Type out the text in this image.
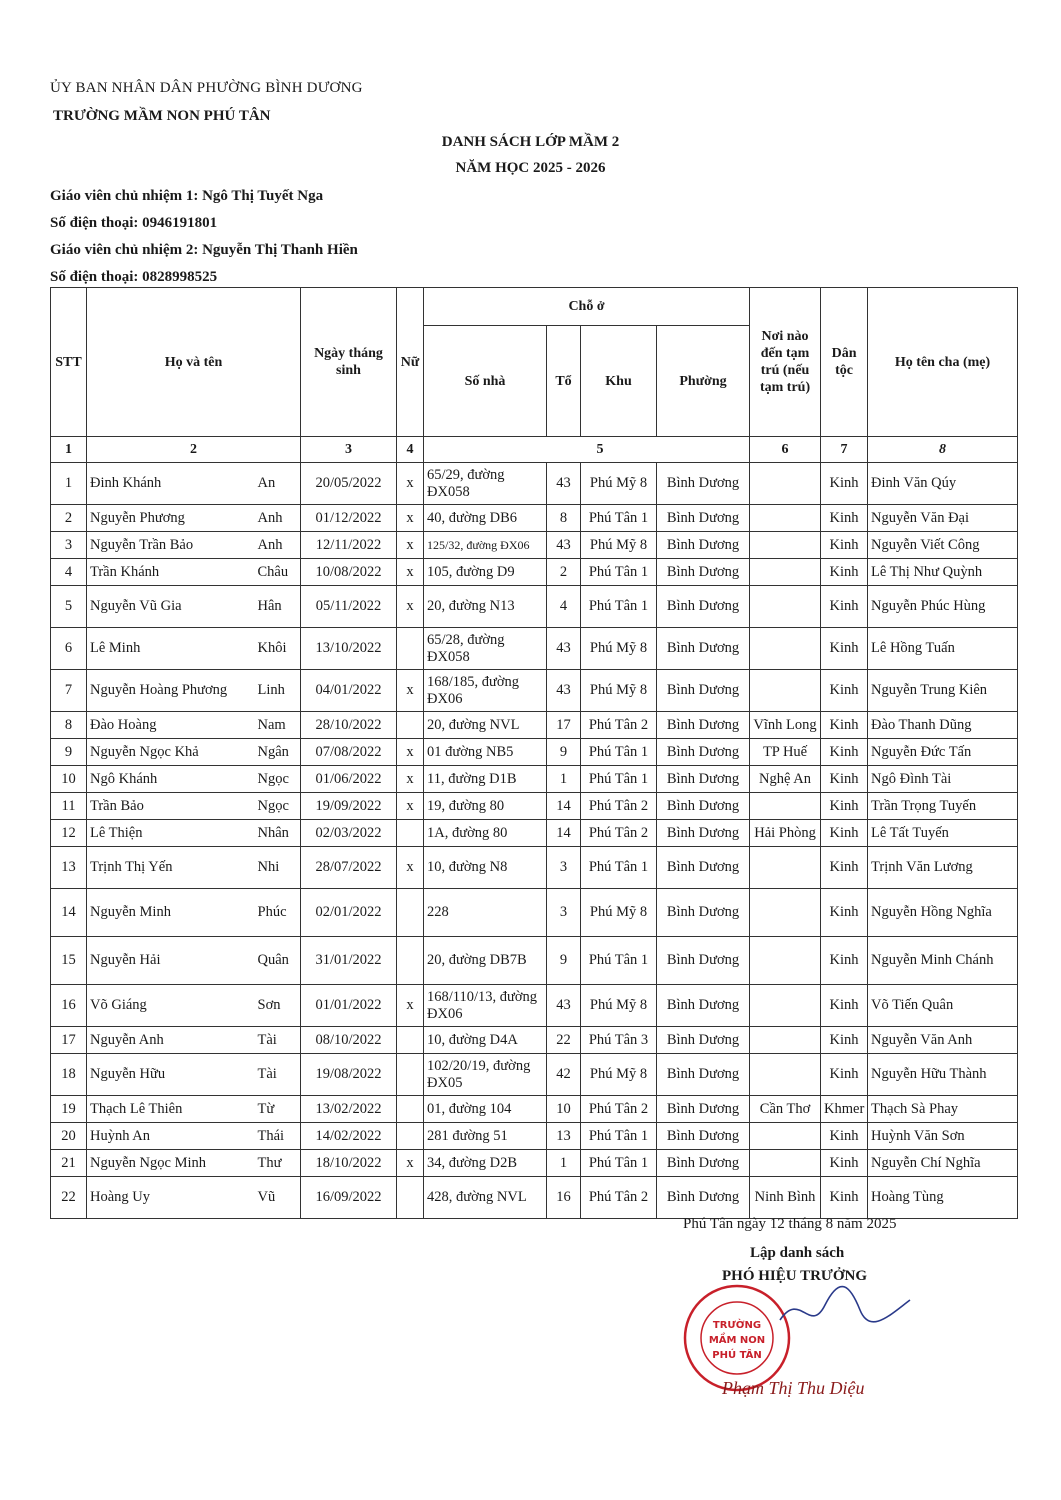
ỦY BAN NHÂN DÂN PHƯỜNG BÌNH DƯƠNG
TRƯỜNG MẦM NON PHÚ TÂN
DANH SÁCH LỚP MẦM 2
NĂM HỌC 2025 - 2026
Giáo viên chủ nhiệm 1: Ngô Thị Tuyết Nga
Số điện thoại: 0946191801
Giáo viên chủ nhiệm 2: Nguyễn Thị Thanh Hiền
Số điện thoại: 0828998525
STT	Họ và tên		Ngày tháng sinh	Nữ	Chỗ ở				Nơi nào đến tạm trú (nếu tạm trú)	Dân tộc	Họ tên cha (mẹ)
					Số nhà	Tổ	Khu	Phường			
1	2		3	4	5				6	7	8
1	Đinh Khánh	An	20/05/2022	x	65/29, đường ĐX058	43	Phú Mỹ 8	Bình Dương		Kinh	Đinh Văn Qúy
2	Nguyễn Phương	Anh	01/12/2022	x	40, đường DB6	8	Phú Tân 1	Bình Dương		Kinh	Nguyễn Văn Đại
3	Nguyễn Trần Bảo	Anh	12/11/2022	x	125/32, đường ĐX06	43	Phú Mỹ 8	Bình Dương		Kinh	Nguyễn Viết Công
4	Trần Khánh	Châu	10/08/2022	x	105, đường D9	2	Phú Tân 1	Bình Dương		Kinh	Lê Thị Như Quỳnh
5	Nguyễn Vũ Gia	Hân	05/11/2022	x	20, đường N13	4	Phú Tân 1	Bình Dương		Kinh	Nguyễn Phúc Hùng
6	Lê Minh	Khôi	13/10/2022		65/28, đường ĐX058	43	Phú Mỹ 8	Bình Dương		Kinh	Lê Hồng Tuấn
7	Nguyễn Hoàng Phương	Linh	04/01/2022	x	168/185, đường ĐX06	43	Phú Mỹ 8	Bình Dương		Kinh	Nguyễn Trung Kiên
8	Đào Hoàng	Nam	28/10/2022		20, đường NVL	17	Phú Tân 2	Bình Dương	Vĩnh Long	Kinh	Đào Thanh Dũng
9	Nguyễn Ngọc Khả	Ngân	07/08/2022	x	01 đường NB5	9	Phú Tân 1	Bình Dương	TP Huế	Kinh	Nguyễn Đức Tấn
10	Ngô Khánh	Ngọc	01/06/2022	x	11, đường D1B	1	Phú Tân 1	Bình Dương	Nghệ An	Kinh	Ngô Đình Tài
11	Trần Bảo	Ngọc	19/09/2022	x	19, đường 80	14	Phú Tân 2	Bình Dương		Kinh	Trần Trọng Tuyến
12	Lê Thiện	Nhân	02/03/2022		1A, đường 80	14	Phú Tân 2	Bình Dương	Hải Phòng	Kinh	Lê Tất Tuyến
13	Trịnh Thị Yến	Nhi	28/07/2022	x	10, đường N8	3	Phú Tân 1	Bình Dương		Kinh	Trịnh Văn Lương
14	Nguyễn Minh	Phúc	02/01/2022		228	3	Phú Mỹ 8	Bình Dương		Kinh	Nguyễn Hồng Nghĩa
15	Nguyễn Hải	Quân	31/01/2022		20, đường DB7B	9	Phú Tân 1	Bình Dương		Kinh	Nguyễn Minh Chánh
16	Võ Giáng	Sơn	01/01/2022	x	168/110/13, đường ĐX06	43	Phú Mỹ 8	Bình Dương		Kinh	Võ Tiến Quân
17	Nguyễn Anh	Tài	08/10/2022		10, đường D4A	22	Phú Tân 3	Bình Dương		Kinh	Nguyễn Văn Anh
18	Nguyễn Hữu	Tài	19/08/2022		102/20/19, đường ĐX05	42	Phú Mỹ 8	Bình Dương		Kinh	Nguyễn Hữu Thành
19	Thạch Lê Thiên	Từ	13/02/2022		01, đường 104	10	Phú Tân 2	Bình Dương	Cần Thơ	Khmer	Thạch Sà Phay
20	Huỳnh An	Thái	14/02/2022		281 đường 51	13	Phú Tân 1	Bình Dương		Kinh	Huỳnh Văn Sơn
21	Nguyễn Ngọc Minh	Thư	18/10/2022	x	34, đường D2B	1	Phú Tân 1	Bình Dương		Kinh	Nguyễn Chí Nghĩa
22	Hoàng Uy	Vũ	16/09/2022		428, đường NVL	16	Phú Tân 2	Bình Dương	Ninh Bình	Kinh	Hoàng Tùng
Phú Tân ngày 12 tháng 8 năm 2025
Lập danh sách
PHÓ HIỆU TRƯỞNG
TRƯỜNG
MẦM NON
PHÚ TÂN
Phạm Thị Thu Diệu
